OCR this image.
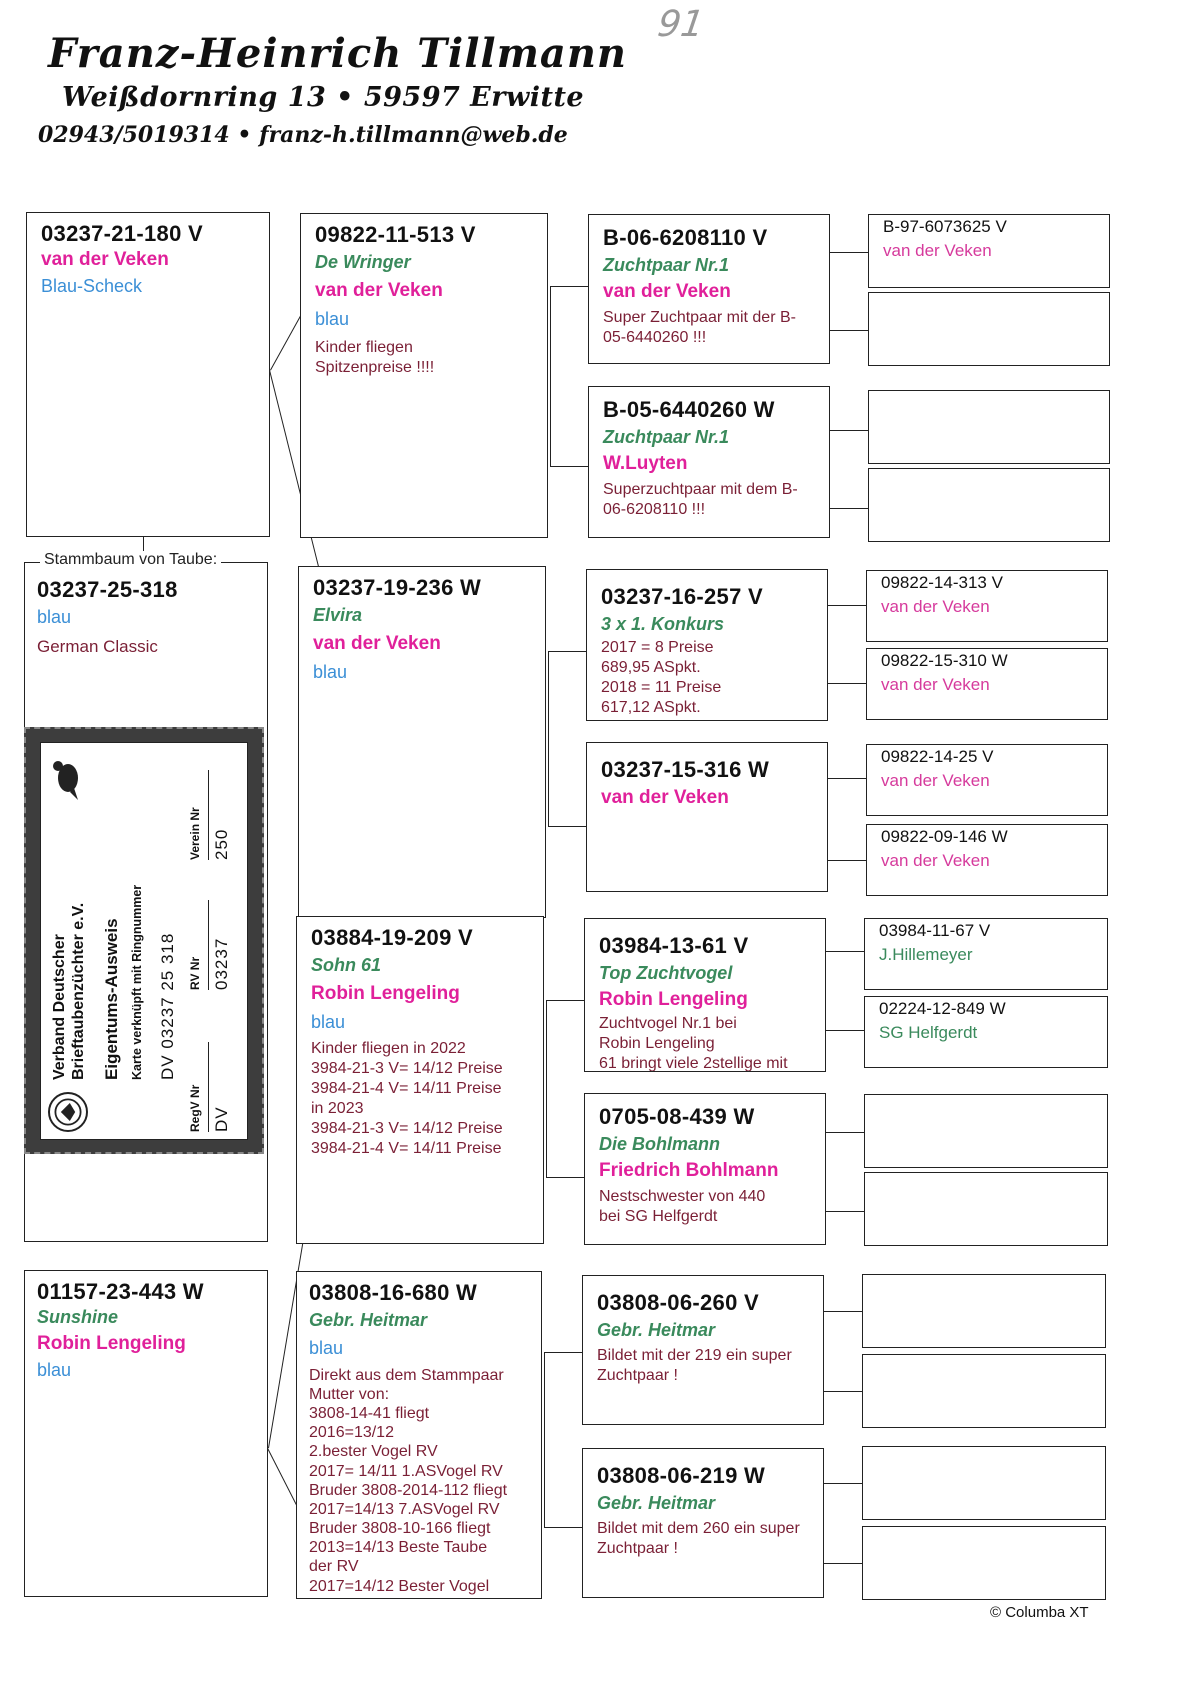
91
Franz-Heinrich Tillmann
Weißdornring 13 • 59597 Erwitte
02943/5019314 • franz-h.tillmann@web.de
03237-21-180 V
van der Veken
Blau-Scheck
03237-25-318
blau
German Classic
Stammbaum von Taube:
Verband Deutscher Brieftaubenzüchter e.V. Eigentums-Ausweis Karte verknüpft mit Ringnummer DV 03237 25 318
RegV Nr DV
RV Nr 03237
Verein Nr 250
01157-23-443 W
Sunshine
Robin Lengeling
blau
09822-11-513 V
De Wringer
van der Veken
blau
Kinder fliegen
Spitzenpreise !!!!
03237-19-236 W
Elvira
van der Veken
blau
03884-19-209 V
Sohn 61
Robin Lengeling
blau
Kinder fliegen in 2022
3984-21-3 V= 14/12 Preise
3984-21-4 V= 14/11 Preise
in 2023
3984-21-3 V= 14/12 Preise
3984-21-4 V= 14/11 Preise
03808-16-680 W
Gebr. Heitmar
blau
Direkt aus dem Stammpaar
Mutter von:
3808-14-41 fliegt
2016=13/12
2.bester Vogel RV
2017= 14/11 1.ASVogel RV
Bruder 3808-2014-112 fliegt
2017=14/13 7.ASVogel RV
Bruder 3808-10-166 fliegt
2013=14/13 Beste Taube
der RV
2017=14/12 Bester Vogel
B-06-6208110 V
Zuchtpaar Nr.1
van der Veken
Super Zuchtpaar mit der B-05-6440260 !!!
B-05-6440260 W
Zuchtpaar Nr.1
W.Luyten
Superzuchtpaar mit dem B-06-6208110 !!!
03237-16-257 V
3 x 1. Konkurs
2017 = 8 Preise
689,95 ASpkt.
2018 = 11 Preise
617,12 ASpkt.
03237-15-316 W
van der Veken
03984-13-61 V
Top Zuchtvogel
Robin Lengeling
Zuchtvogel Nr.1 bei
Robin Lengeling
61 bringt viele 2stellige mit
0705-08-439 W
Die Bohlmann
Friedrich Bohlmann
Nestschwester von 440
bei SG Helfgerdt
03808-06-260 V
Gebr. Heitmar
Bildet mit der 219 ein super Zuchtpaar !
03808-06-219 W
Gebr. Heitmar
Bildet mit dem 260 ein super Zuchtpaar !
B-97-6073625 V
van der Veken
09822-14-313 V
van der Veken
09822-15-310 W
van der Veken
09822-14-25 V
van der Veken
09822-09-146 W
van der Veken
03984-11-67 V
J.Hillemeyer
02224-12-849 W
SG Helfgerdt
© Columba XT
